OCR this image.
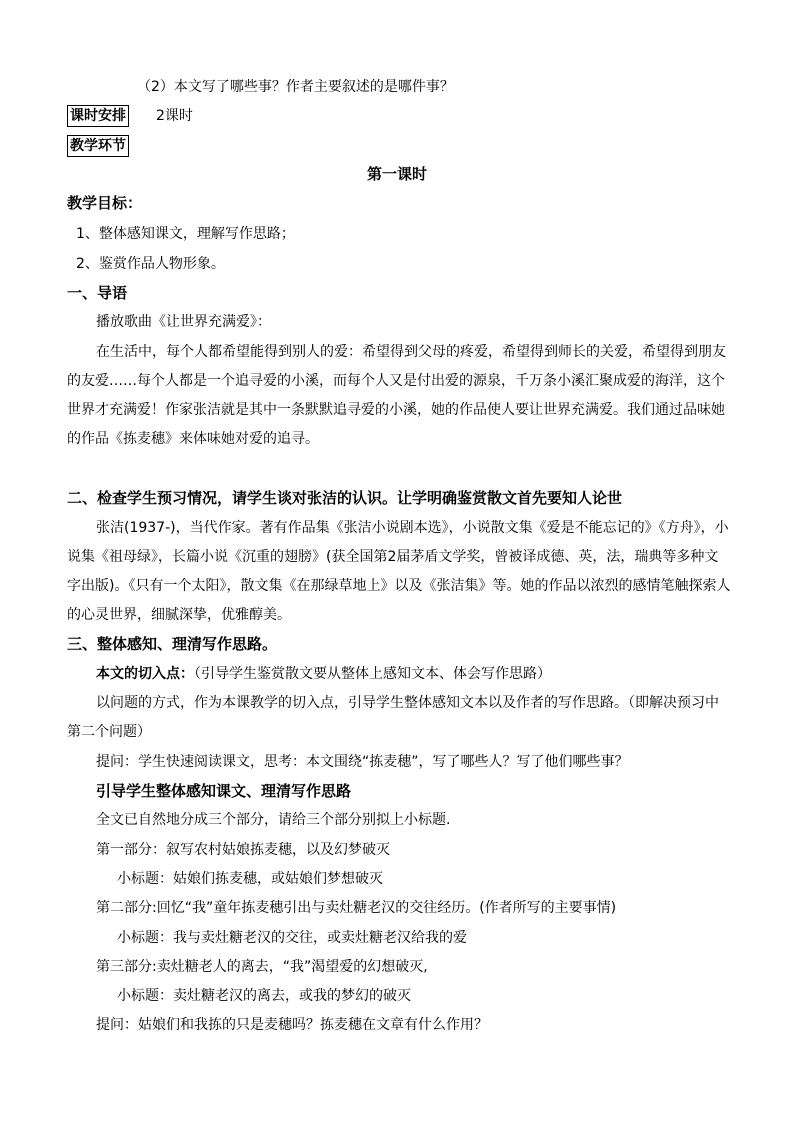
（2）本文写了哪些事？作者主要叙述的是哪件事？
课时安排 2课时
教学环节
第一课时
教学目标：
1、整体感知课文，理解写作思路；
2、鉴赏作品人物形象。
一、导语
播放歌曲《让世界充满爱》：
在生活中，每个人都希望能得到别人的爱：希望得到父母的疼爱，希望得到师长的关爱，希望得到朋友
的友爱……每个人都是一个追寻爱的小溪，而每个人又是付出爱的源泉，千万条小溪汇聚成爱的海洋，这个
世界才充满爱！作家张洁就是其中一条默默追寻爱的小溪，她的作品使人要让世界充满爱。我们通过品味她
的作品《拣麦穗》来体味她对爱的追寻。
二、检查学生预习情况，请学生谈对张洁的认识。让学明确鉴赏散文首先要知人论世
张洁(1937-)，当代作家。著有作品集《张洁小说剧本选》，小说散文集《爱是不能忘记的》《方舟》，小
说集《祖母绿》，长篇小说《沉重的翅膀》(获全国第2届茅盾文学奖，曾被译成德、英，法，瑞典等多种文
字出版)。《只有一个太阳》，散文集《在那绿草地上》以及《张洁集》等。她的作品以浓烈的感情笔触探索人
的心灵世界，细腻深挚，优雅醇美。
三、整体感知、理清写作思路。
本文的切入点：（引导学生鉴赏散文要从整体上感知文本、体会写作思路）
以问题的方式，作为本课教学的切入点，引导学生整体感知文本以及作者的写作思路。（即解决预习中
第二个问题）
提问：学生快速阅读课文，思考：本文围绕“拣麦穗”，写了哪些人？写了他们哪些事？
引导学生整体感知课文、理清写作思路
全文已自然地分成三个部分，请给三个部分别拟上小标题.
第一部分：叙写农村姑娘拣麦穗，以及幻梦破灭
小标题：姑娘们拣麦穗，或姑娘们梦想破灭
第二部分:回忆“我”童年拣麦穗引出与卖灶糖老汉的交往经历。(作者所写的主要事情)
小标题：我与卖灶糖老汉的交往，或卖灶糖老汉给我的爱
第三部分:卖灶糖老人的离去，“我”渴望爱的幻想破灭,
小标题：卖灶糖老汉的离去，或我的梦幻的破灭
提问：姑娘们和我拣的只是麦穗吗？拣麦穗在文章有什么作用？
